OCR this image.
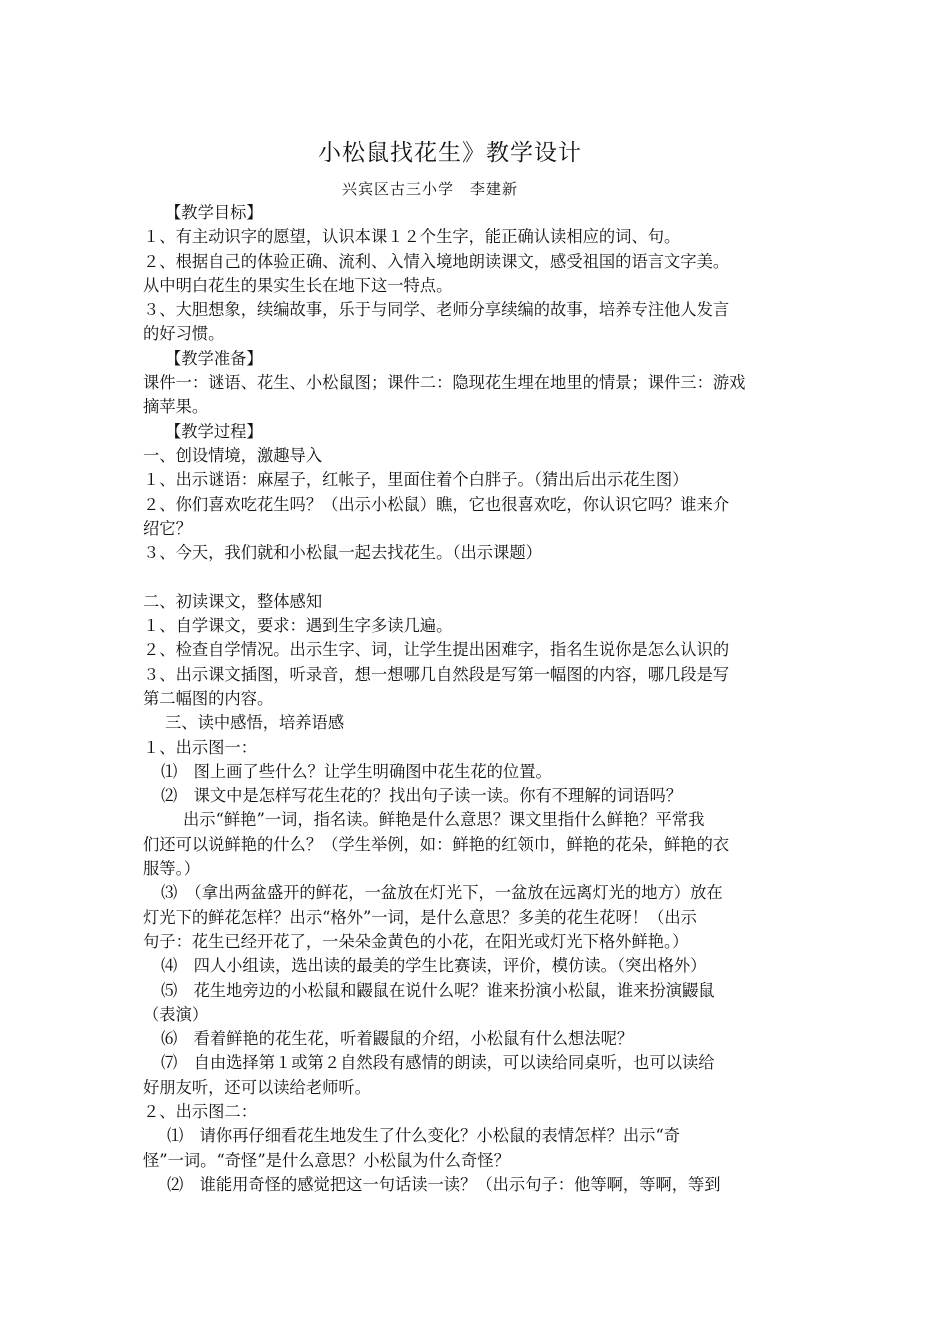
小松鼠找花生》教学设计
兴宾区古三小学　李建新

【教学目标】

１、有主动识字的愿望，认识本课１２个生字，能正确认读相应的词、句。

２、根据自己的体验正确、流利、入情入境地朗读课文，感受祖国的语言文字美。

从中明白花生的果实生长在地下这一特点。

３、大胆想象，续编故事，乐于与同学、老师分享续编的故事，培养专注他人发言

的好习惯。

【教学准备】

课件一：谜语、花生、小松鼠图；课件二：隐现花生埋在地里的情景；课件三：游戏

摘苹果。

【教学过程】

一、创设情境，激趣导入

１、出示谜语：麻屋子，红帐子，里面住着个白胖子。（猜出后出示花生图）

２、你们喜欢吃花生吗？（出示小松鼠）瞧，它也很喜欢吃，你认识它吗？谁来介

绍它？

３、今天，我们就和小松鼠一起去找花生。（出示课题）

二、初读课文，整体感知

１、自学课文，要求：遇到生字多读几遍。

２、检查自学情况。出示生字、词，让学生提出困难字，指名生说你是怎么认识的

３、出示课文插图，听录音，想一想哪几自然段是写第一幅图的内容，哪几段是写

第二幅图的内容。

三、读中感悟，培养语感

１、出示图一：

⑴　图上画了些什么？让学生明确图中花生花的位置。

⑵　课文中是怎样写花生花的？找出句子读一读。你有不理解的词语吗？

出示“鲜艳”一词，指名读。鲜艳是什么意思？课文里指什么鲜艳？平常我

们还可以说鲜艳的什么？（学生举例，如：鲜艳的红领巾，鲜艳的花朵，鲜艳的衣

服等。）

⑶　（拿出两盆盛开的鲜花，一盆放在灯光下，一盆放在远离灯光的地方）放在

灯光下的鲜花怎样？出示“格外”一词，是什么意思？多美的花生花呀！（出示

句子：花生已经开花了，一朵朵金黄色的小花，在阳光或灯光下格外鲜艳。）

⑷　四人小组读，选出读的最美的学生比赛读，评价，模仿读。（突出格外）

⑸　花生地旁边的小松鼠和鼹鼠在说什么呢？谁来扮演小松鼠，谁来扮演鼹鼠

（表演）

⑹　看着鲜艳的花生花，听着鼹鼠的介绍，小松鼠有什么想法呢？

⑺　自由选择第１或第２自然段有感情的朗读，可以读给同桌听，也可以读给

好朋友听，还可以读给老师听。

２、出示图二：

⑴　请你再仔细看花生地发生了什么变化？小松鼠的表情怎样？出示“奇

怪”一词。“奇怪”是什么意思？小松鼠为什么奇怪？

⑵　谁能用奇怪的感觉把这一句话读一读？（出示句子：他等啊，等啊，等到
